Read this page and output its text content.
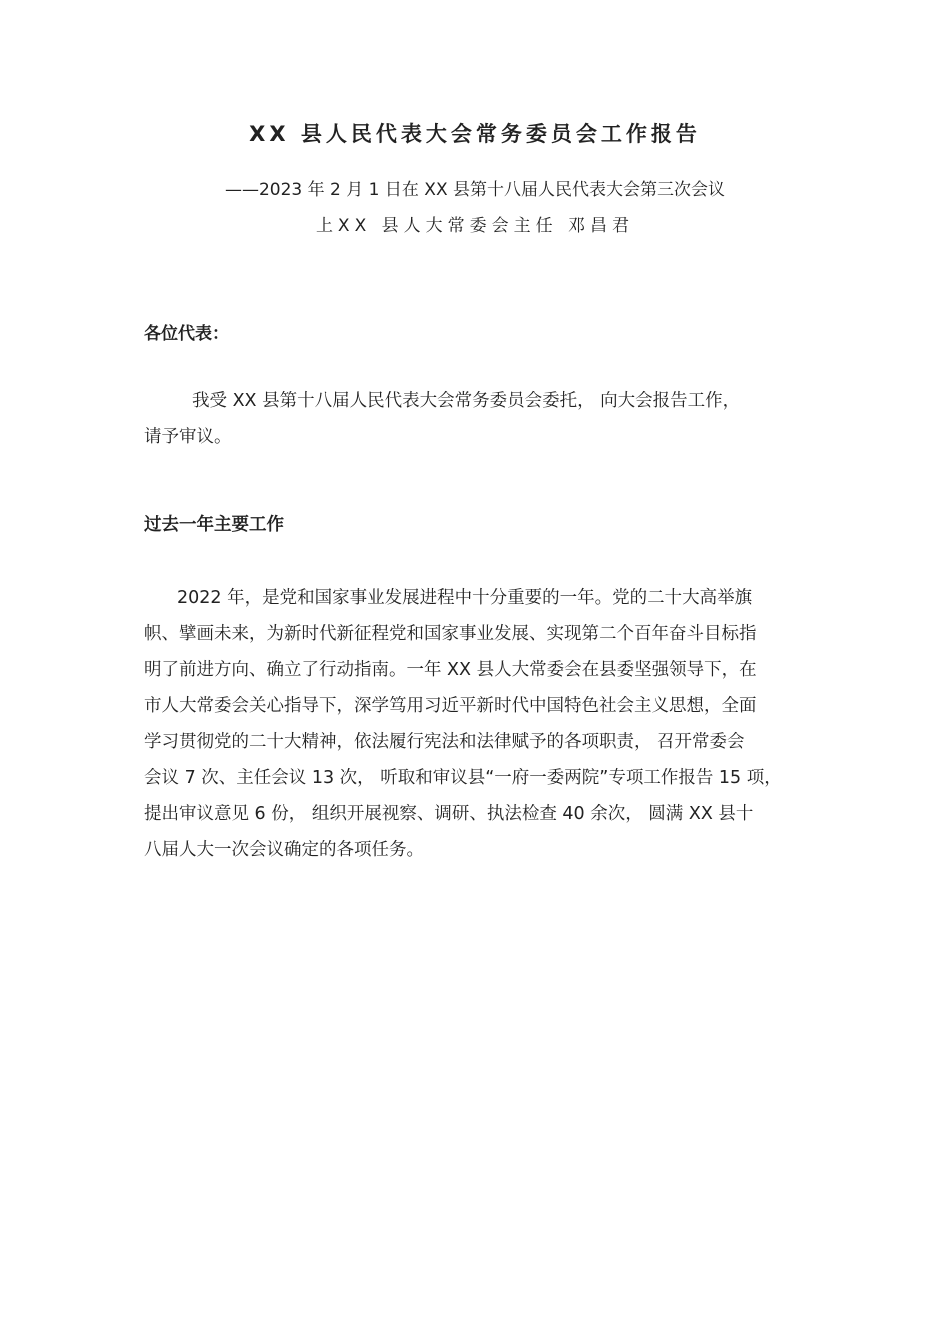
XX 县人民代表大会常务委员会工作报告
——2023 年 2 月 1 日在 XX 县第十八届人民代表大会第三次会议
上XX 县人大常委会主任 邓昌君
各位代表：
我受 XX 县第十八届人民代表大会常务委员会委托， 向大会报告工作，
请予审议。
过去一年主要工作
2022 年，是党和国家事业发展进程中十分重要的一年。党的二十大高举旗
帜、擘画未来，为新时代新征程党和国家事业发展、实现第二个百年奋斗目标指
明了前进方向、确立了行动指南。一年 XX 县人大常委会在县委坚强领导下，在
市人大常委会关心指导下，深学笃用习近平新时代中国特色社会主义思想，全面
学习贯彻党的二十大精神，依法履行宪法和法律赋予的各项职责， 召开常委会
会议 7 次、主任会议 13 次， 听取和审议县“一府一委两院”专项工作报告 15 项，
提出审议意见 6 份， 组织开展视察、调研、执法检查 40 余次， 圆满 XX 县十
八届人大一次会议确定的各项任务。
